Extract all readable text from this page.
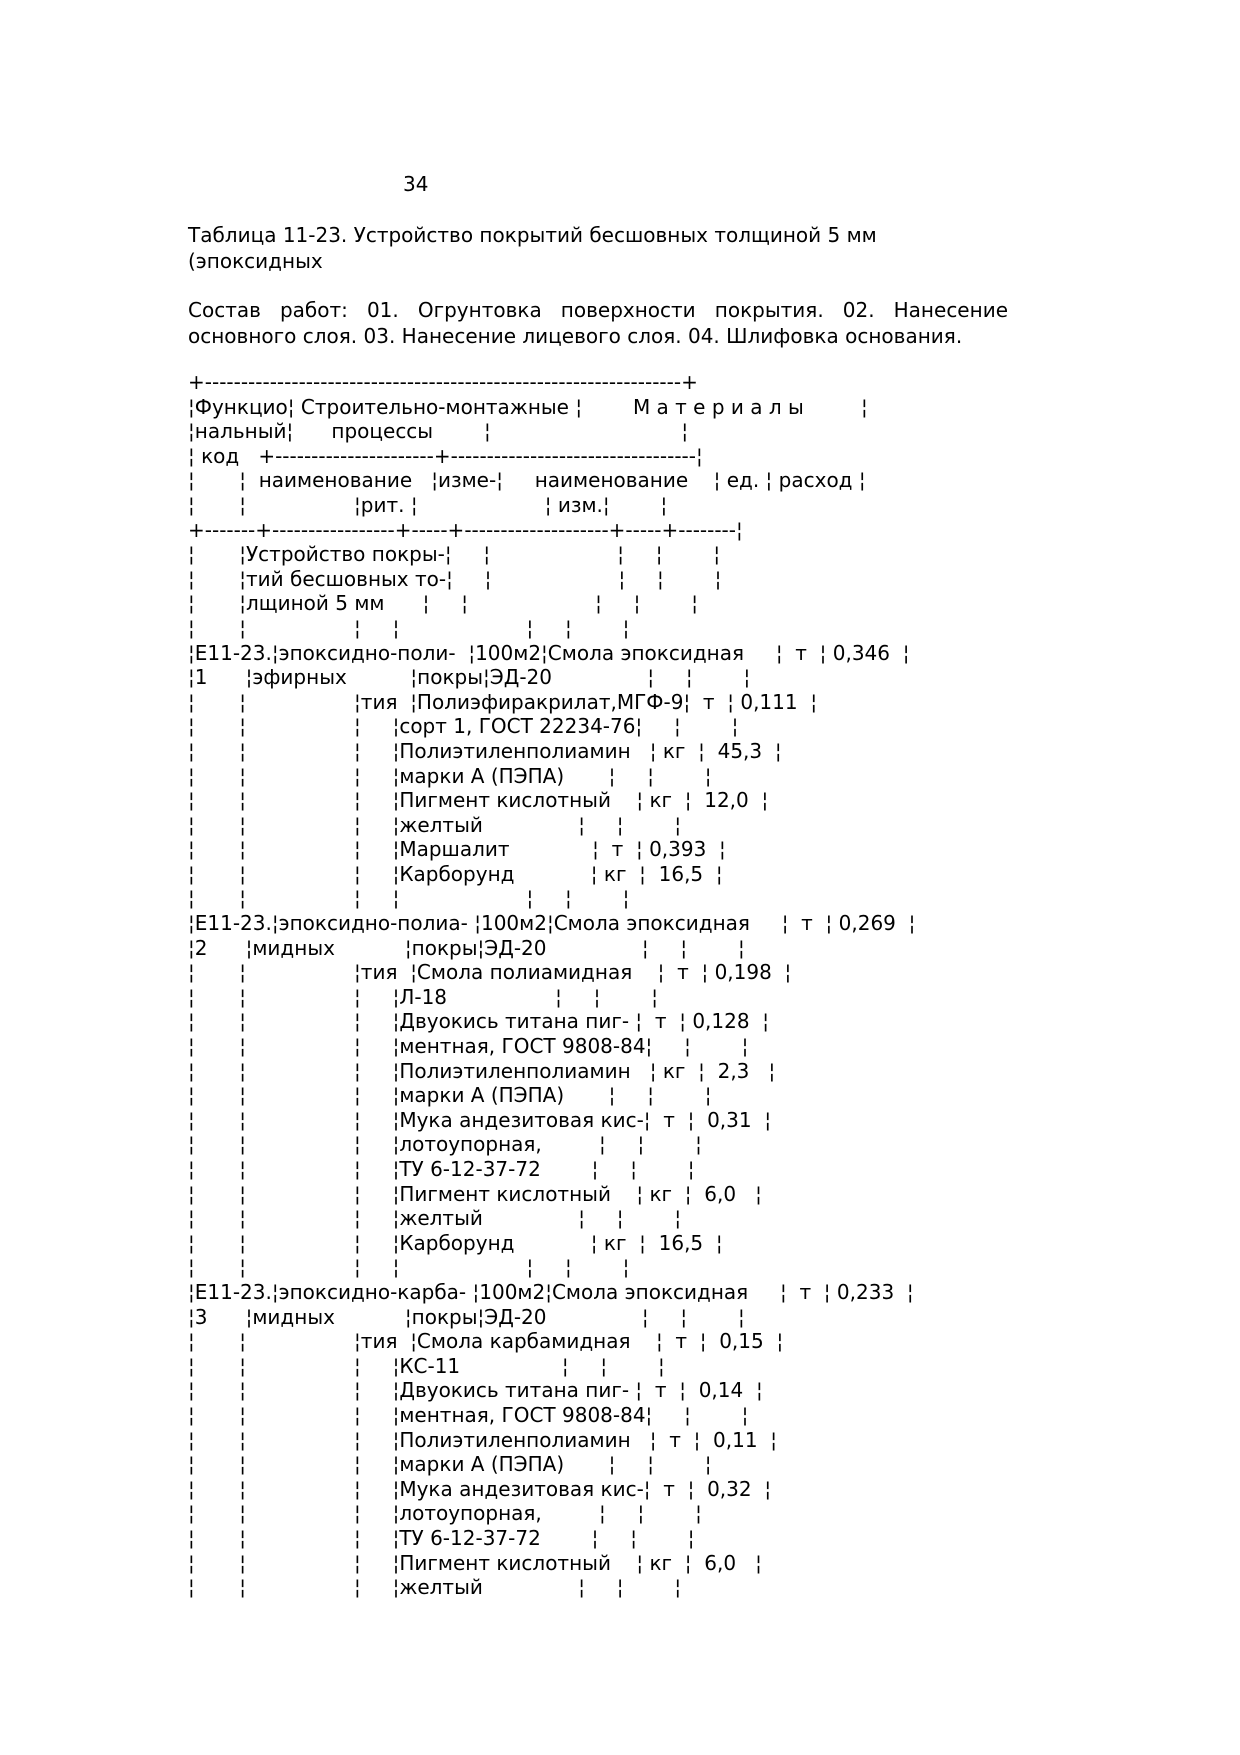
34
Таблица 11-23. Устройство покрытий бесшовных толщиной 5 мм
(эпоксидных
Состав работ: 01. Огрунтовка поверхности покрытия. 02. Нанесение основного слоя. 03. Нанесение лицевого слоя. 04. Шлифовка основания.
+------------------------------------------------------------------+
¦Функцио¦ Строительно-монтажные ¦        М а т е р и а л ы         ¦
¦нальный¦      процессы        ¦                              ¦
¦ код   +----------------------+----------------------------------¦
¦       ¦  наименование   ¦изме-¦     наименование    ¦ ед. ¦ расход ¦
¦       ¦                 ¦рит. ¦                    ¦ изм.¦        ¦
+-------+-----------------+-----+--------------------+-----+--------¦
¦       ¦Устройство покры-¦     ¦                    ¦     ¦        ¦
¦       ¦тий бесшовных то-¦     ¦                    ¦     ¦        ¦
¦       ¦лщиной 5 мм      ¦     ¦                    ¦     ¦        ¦
¦       ¦                 ¦     ¦                    ¦     ¦        ¦
¦Е11-23.¦эпоксидно-поли-  ¦100м2¦Смола эпоксидная     ¦  т  ¦ 0,346  ¦
¦1      ¦эфирных          ¦покры¦ЭД-20               ¦     ¦        ¦
¦       ¦                 ¦тия  ¦Полиэфиракрилат,МГФ-9¦  т  ¦ 0,111  ¦
¦       ¦                 ¦     ¦сорт 1, ГОСТ 22234-76¦     ¦        ¦
¦       ¦                 ¦     ¦Полиэтиленполиамин   ¦ кг  ¦  45,3  ¦
¦       ¦                 ¦     ¦марки А (ПЭПА)       ¦     ¦        ¦
¦       ¦                 ¦     ¦Пигмент кислотный    ¦ кг  ¦  12,0  ¦
¦       ¦                 ¦     ¦желтый               ¦     ¦        ¦
¦       ¦                 ¦     ¦Маршалит             ¦  т  ¦ 0,393  ¦
¦       ¦                 ¦     ¦Карборунд            ¦ кг  ¦  16,5  ¦
¦       ¦                 ¦     ¦                    ¦     ¦        ¦
¦Е11-23.¦эпоксидно-полиа- ¦100м2¦Смола эпоксидная     ¦  т  ¦ 0,269  ¦
¦2      ¦мидных           ¦покры¦ЭД-20               ¦     ¦        ¦
¦       ¦                 ¦тия  ¦Смола полиамидная    ¦  т  ¦ 0,198  ¦
¦       ¦                 ¦     ¦Л-18                 ¦     ¦        ¦
¦       ¦                 ¦     ¦Двуокись титана пиг- ¦  т  ¦ 0,128  ¦
¦       ¦                 ¦     ¦ментная, ГОСТ 9808-84¦     ¦        ¦
¦       ¦                 ¦     ¦Полиэтиленполиамин   ¦ кг  ¦  2,3   ¦
¦       ¦                 ¦     ¦марки А (ПЭПА)       ¦     ¦        ¦
¦       ¦                 ¦     ¦Мука андезитовая кис-¦  т  ¦  0,31  ¦
¦       ¦                 ¦     ¦лотоупорная,         ¦     ¦        ¦
¦       ¦                 ¦     ¦ТУ 6-12-37-72        ¦     ¦        ¦
¦       ¦                 ¦     ¦Пигмент кислотный    ¦ кг  ¦  6,0   ¦
¦       ¦                 ¦     ¦желтый               ¦     ¦        ¦
¦       ¦                 ¦     ¦Карборунд            ¦ кг  ¦  16,5  ¦
¦       ¦                 ¦     ¦                    ¦     ¦        ¦
¦Е11-23.¦эпоксидно-карба- ¦100м2¦Смола эпоксидная     ¦  т  ¦ 0,233  ¦
¦3      ¦мидных           ¦покры¦ЭД-20               ¦     ¦        ¦
¦       ¦                 ¦тия  ¦Смола карбамидная    ¦  т  ¦  0,15  ¦
¦       ¦                 ¦     ¦КС-11                ¦     ¦        ¦
¦       ¦                 ¦     ¦Двуокись титана пиг- ¦  т  ¦  0,14  ¦
¦       ¦                 ¦     ¦ментная, ГОСТ 9808-84¦     ¦        ¦
¦       ¦                 ¦     ¦Полиэтиленполиамин   ¦  т  ¦  0,11  ¦
¦       ¦                 ¦     ¦марки А (ПЭПА)       ¦     ¦        ¦
¦       ¦                 ¦     ¦Мука андезитовая кис-¦  т  ¦  0,32  ¦
¦       ¦                 ¦     ¦лотоупорная,         ¦     ¦        ¦
¦       ¦                 ¦     ¦ТУ 6-12-37-72        ¦     ¦        ¦
¦       ¦                 ¦     ¦Пигмент кислотный    ¦ кг  ¦  6,0   ¦
¦       ¦                 ¦     ¦желтый               ¦     ¦        ¦
